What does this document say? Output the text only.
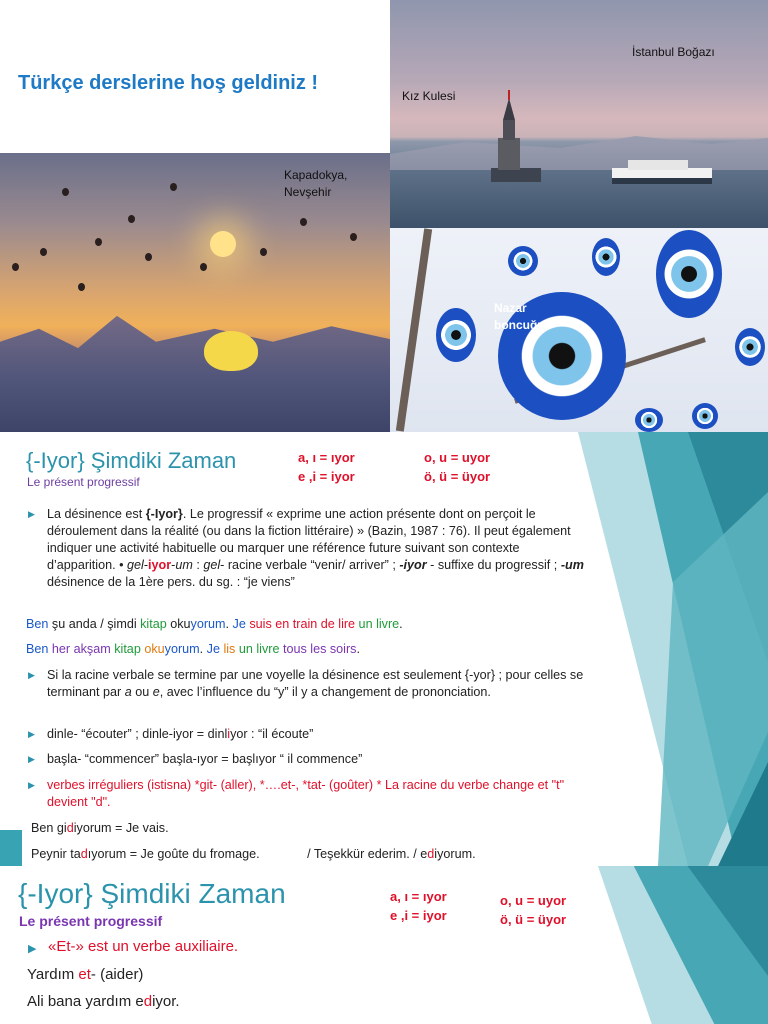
Türkçe derslerine hoş geldiniz !
Kız Kulesi
İstanbul Boğazı
Kapadokya,
Nevşehir
Nazar
boncuğu
{-Iyor} Şimdiki Zaman
Le présent progressif
a, ı = ıyor
e ,i = iyor
o, u = uyor
ö, ü = üyor
▶ La désinence est {-Iyor}. Le progressif « exprime une action présente dont on perçoit le déroulement dans la réalité (ou dans la fiction littéraire) » (Bazin, 1987 : 76). Il peut également indiquer une activité habituelle ou marquer une référence future suivant son contexte d’apparition. • gel-iyor-um : gel- racine verbale “venir/ arriver” ; -iyor - suffixe du progressif ; -um désinence de la 1ère pers. du sg. : “je viens”
Ben şu anda / şimdi kitap okuyorum. Je suis en train de lire un livre.
Ben her akşam kitap okuyorum. Je lis un livre tous les soirs.
▶ Si la racine verbale se termine par une voyelle la désinence est seulement {-yor} ; pour celles se terminant par a ou e, avec l’influence du “y” il y a changement de prononciation.
▶ dinle- “écouter” ; dinle-iyor = dinliyor : “il écoute”
▶ başla- “commencer” başla-ıyor = başlıyor “ il commence”
▶ verbes irréguliers (istisna) *git- (aller), *….et-, *tat- (goûter) * La racine du verbe change et "t" devient "d".
Ben gidiyorum = Je vais.
Peynir tadıyorum = Je goûte du fromage.	/ Teşekkür ederim. / ediyorum.
{-Iyor} Şimdiki Zaman
Le présent progressif
a, ı = ıyor
e ,i = iyor
o, u = uyor
ö, ü = üyor
▶ «Et-» est un verbe auxiliaire.
Yardım et- (aider)
Ali bana yardım ediyor.
